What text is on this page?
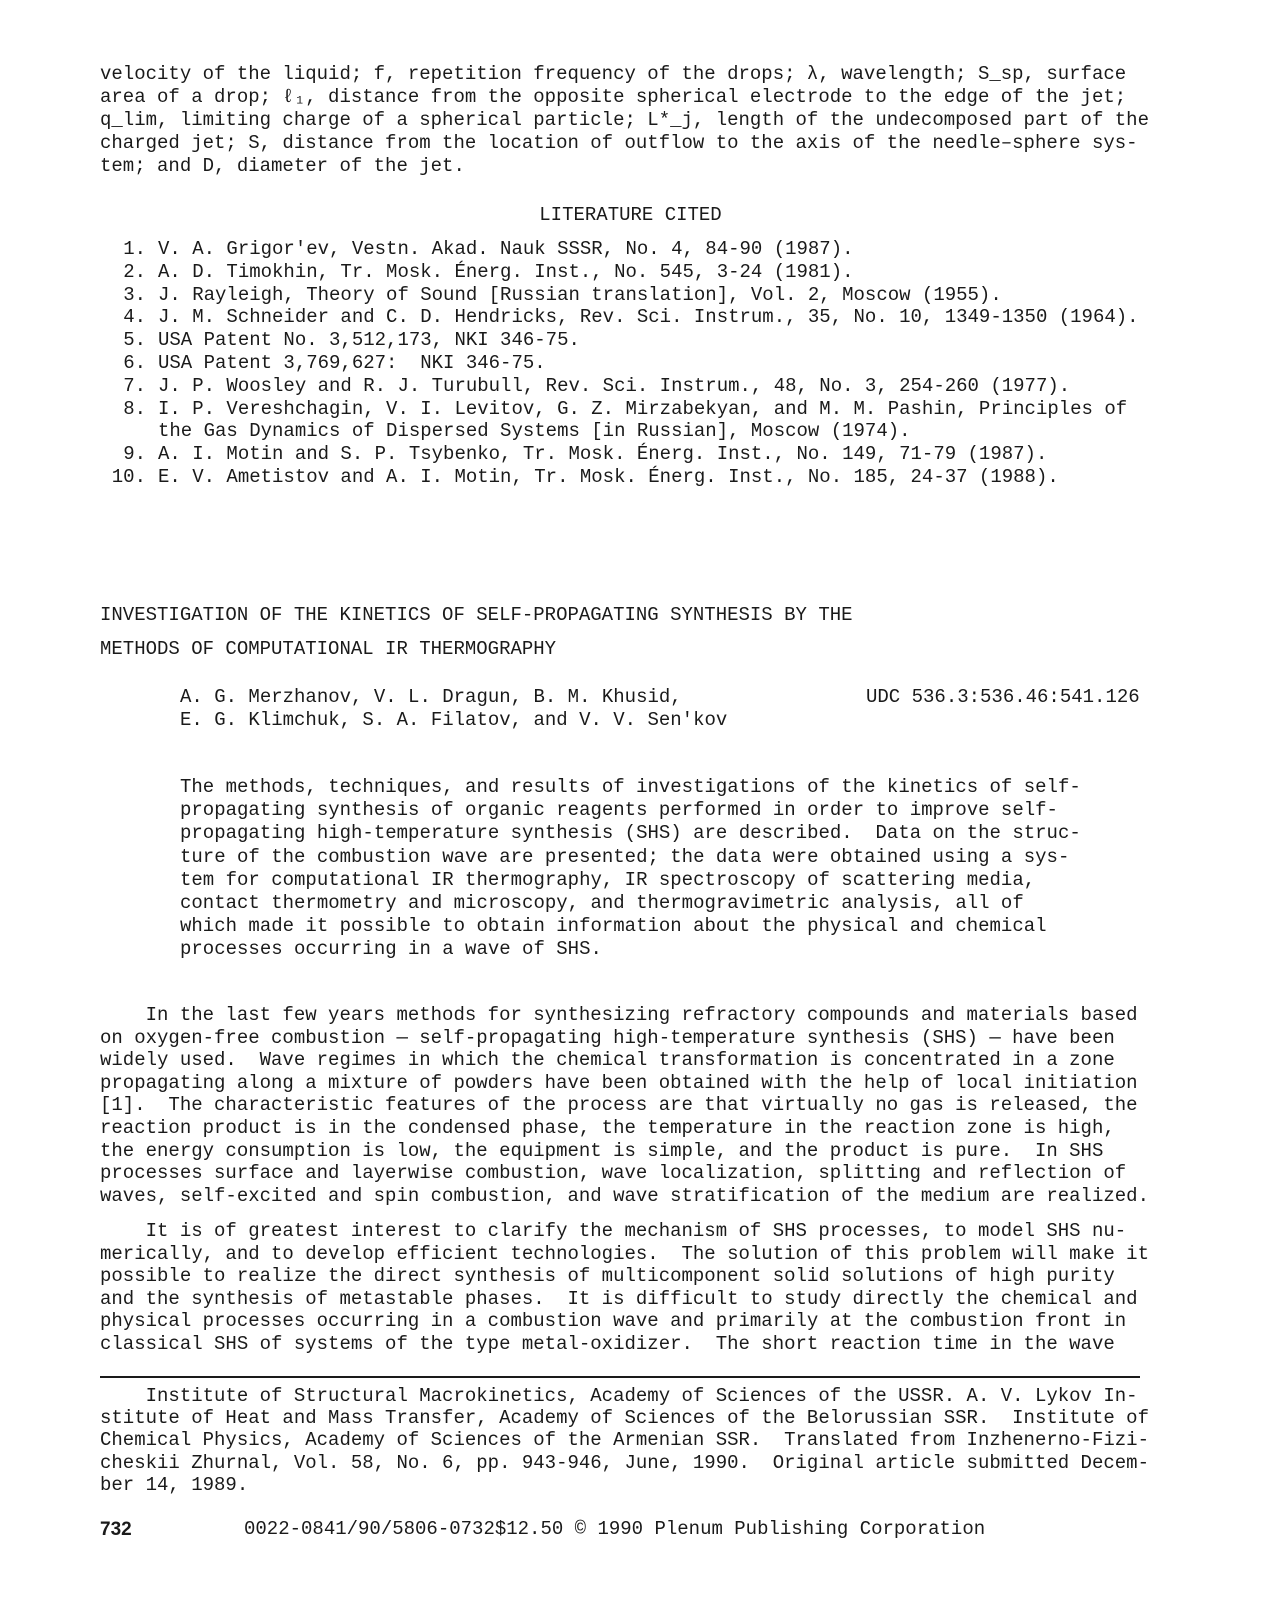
velocity of the liquid; f, repetition frequency of the drops; λ, wavelength; S_sp, surface
area of a drop; ℓ₁, distance from the opposite spherical electrode to the edge of the jet;
q_lim, limiting charge of a spherical particle; L*_j, length of the undecomposed part of the
charged jet; S, distance from the location of outflow to the axis of the needle–sphere sys-
tem; and D, diameter of the jet.
LITERATURE CITED
1. V. A. Grigor'ev, Vestn. Akad. Nauk SSSR, No. 4, 84-90 (1987).
2. A. D. Timokhin, Tr. Mosk. Énerg. Inst., No. 545, 3-24 (1981).
3. J. Rayleigh, Theory of Sound [Russian translation], Vol. 2, Moscow (1955).
4. J. M. Schneider and C. D. Hendricks, Rev. Sci. Instrum., 35, No. 10, 1349-1350 (1964).
5. USA Patent No. 3,512,173, NKI 346-75.
6. USA Patent 3,769,627:  NKI 346-75.
7. J. P. Woosley and R. J. Turubull, Rev. Sci. Instrum., 48, No. 3, 254-260 (1977).
8. I. P. Vereshchagin, V. I. Levitov, G. Z. Mirzabekyan, and M. M. Pashin, Principles of
the Gas Dynamics of Dispersed Systems [in Russian], Moscow (1974).
9. A. I. Motin and S. P. Tsybenko, Tr. Mosk. Énerg. Inst., No. 149, 71-79 (1987).
10. E. V. Ametistov and A. I. Motin, Tr. Mosk. Énerg. Inst., No. 185, 24-37 (1988).
INVESTIGATION OF THE KINETICS OF SELF-PROPAGATING SYNTHESIS BY THE
METHODS OF COMPUTATIONAL IR THERMOGRAPHY
A. G. Merzhanov, V. L. Dragun, B. M. Khusid,
E. G. Klimchuk, S. A. Filatov, and V. V. Sen'kov
UDC 536.3:536.46:541.126
The methods, techniques, and results of investigations of the kinetics of self-
propagating synthesis of organic reagents performed in order to improve self-
propagating high-temperature synthesis (SHS) are described.  Data on the struc-
ture of the combustion wave are presented; the data were obtained using a sys-
tem for computational IR thermography, IR spectroscopy of scattering media,
contact thermometry and microscopy, and thermogravimetric analysis, all of
which made it possible to obtain information about the physical and chemical
processes occurring in a wave of SHS.
In the last few years methods for synthesizing refractory compounds and materials based
on oxygen-free combustion — self-propagating high-temperature synthesis (SHS) — have been
widely used.  Wave regimes in which the chemical transformation is concentrated in a zone
propagating along a mixture of powders have been obtained with the help of local initiation
[1].  The characteristic features of the process are that virtually no gas is released, the
reaction product is in the condensed phase, the temperature in the reaction zone is high,
the energy consumption is low, the equipment is simple, and the product is pure.  In SHS
processes surface and layerwise combustion, wave localization, splitting and reflection of
waves, self-excited and spin combustion, and wave stratification of the medium are realized.
It is of greatest interest to clarify the mechanism of SHS processes, to model SHS nu-
merically, and to develop efficient technologies.  The solution of this problem will make it
possible to realize the direct synthesis of multicomponent solid solutions of high purity
and the synthesis of metastable phases.  It is difficult to study directly the chemical and
physical processes occurring in a combustion wave and primarily at the combustion front in
classical SHS of systems of the type metal-oxidizer.  The short reaction time in the wave
Institute of Structural Macrokinetics, Academy of Sciences of the USSR. A. V. Lykov In-
stitute of Heat and Mass Transfer, Academy of Sciences of the Belorussian SSR.  Institute of
Chemical Physics, Academy of Sciences of the Armenian SSR.  Translated from Inzhenerno-Fizi-
cheskii Zhurnal, Vol. 58, No. 6, pp. 943-946, June, 1990.  Original article submitted Decem-
ber 14, 1989.
732	0022-0841/90/5806-0732$12.50 © 1990 Plenum Publishing Corporation
